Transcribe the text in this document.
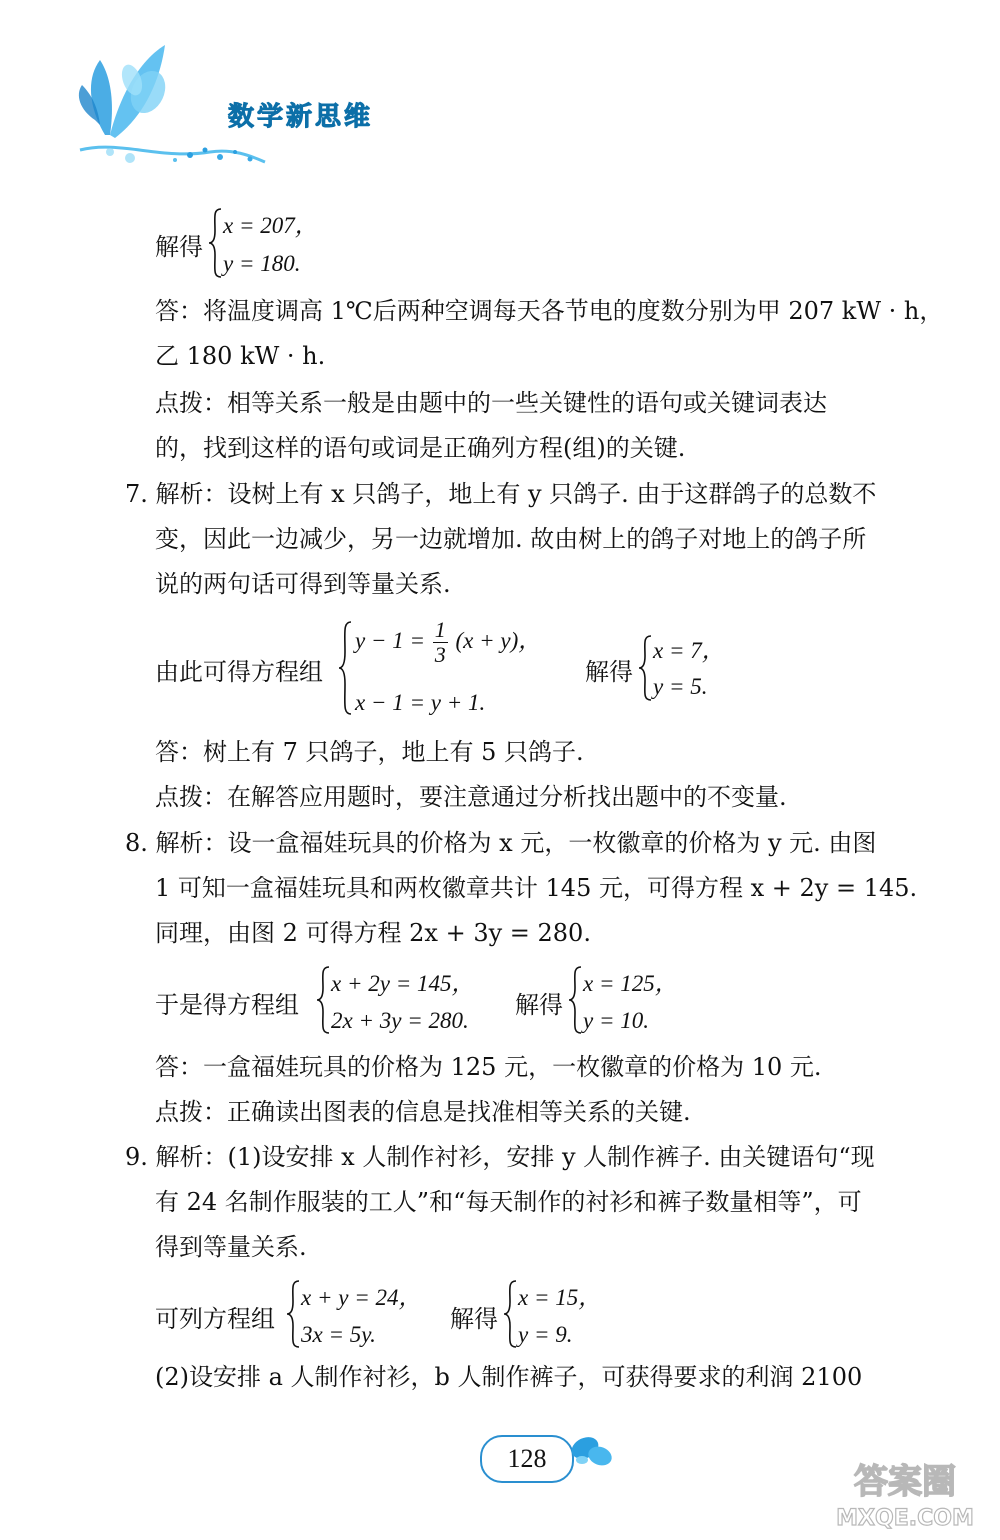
数学新思维
解得
x = 207，
y = 180.
答：将温度调高 1℃后两种空调每天各节电的度数分别为甲 207 kW · h，
乙 180 kW · h.
点拨：相等关系一般是由题中的一些关键性的语句或关键词表达
的，找到这样的语句或词是正确列方程(组)的关键.
7. 解析：设树上有 x 只鸽子，地上有 y 只鸽子. 由于这群鸽子的总数不
变，因此一边减少，另一边就增加. 故由树上的鸽子对地上的鸽子所
说的两句话可得到等量关系.
由此可得方程组
$y - 1 = \frac{1}{3} (x + y)$，
x − 1 = y + 1.
解得
x = 7，
y = 5.
答：树上有 7 只鸽子，地上有 5 只鸽子.
点拨：在解答应用题时，要注意通过分析找出题中的不变量.
8. 解析：设一盒福娃玩具的价格为 x 元，一枚徽章的价格为 y 元. 由图
1 可知一盒福娃玩具和两枚徽章共计 145 元，可得方程 x + 2y = 145.
同理，由图 2 可得方程 2x + 3y = 280.
于是得方程组
x + 2y = 145，
2x + 3y = 280.
解得
x = 125，
y = 10.
答：一盒福娃玩具的价格为 125 元，一枚徽章的价格为 10 元.
点拨：正确读出图表的信息是找准相等关系的关键.
9. 解析：(1)设安排 x 人制作衬衫，安排 y 人制作裤子. 由关键语句“现
有 24 名制作服装的工人”和“每天制作的衬衫和裤子数量相等”，可
得到等量关系.
可列方程组
x + y = 24，
3x = 5y.
解得
x = 15，
y = 9.
(2)设安排 a 人制作衬衫，b 人制作裤子，可获得要求的利润 2100
128
答案圈
MXQE.COM
